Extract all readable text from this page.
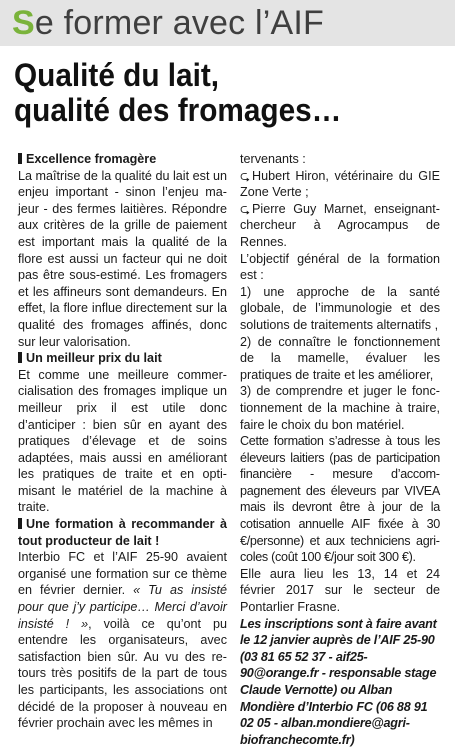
Se former avec l’AIF
Qualité du lait,
qualité des fromages…

Excellence fromagère

La maîtrise de la qualité du lait est un enjeu important - sinon l’enjeu majeur - des fermes laitières. Répondre aux critères de la grille de paiement est important mais la qualité de la flore est aussi un facteur qui ne doit pas être sous-estimé. Les fromagers et les affineurs sont demandeurs. En effet, la flore influe directement sur la qualité des fromages affinés, donc sur leur valorisation.

Un meilleur prix du lait

Et comme une meilleure commercialisation des fromages implique un meilleur prix il est utile donc d’anticiper : bien sûr en ayant des pratiques d’élevage et de soins adaptées, mais aussi en améliorant les pratiques de traite et en optimisant le matériel de la machine à traite.

Une formation à recommander à tout producteur de lait !

Interbio FC et l’AIF 25-90 avaient organisé une formation sur ce thème en février dernier. « Tu as insisté pour que j’y participe… Merci d’avoir insisté ! », voilà ce qu’ont pu entendre les organisateurs, avec satisfaction bien sûr. Au vu des retours très positifs de la part de tous les participants, les associations ont décidé de la proposer à nouveau en février prochain avec les mêmes in

tervenants :

⮎ Hubert Hiron, vétérinaire du GIE Zone Verte ;

⮎ Pierre Guy Marnet, enseignant-chercheur à Agrocampus de Rennes.

L’objectif général de la formation est :

1) une approche de la santé globale, de l’immunologie et des solutions de traitements alternatifs ,

2) de connaître le fonctionnement de la mamelle, évaluer les pratiques de traite et les améliorer,

3) de comprendre et juger le fonctionnement de la machine à traire, faire le choix du bon matériel.

Cette formation s’adresse à tous les éleveurs laitiers (pas de participation financière - mesure d’accompagnement des éleveurs par VIVEA mais ils devront être à jour de la cotisation annuelle AIF fixée à 30 €/personne) et aux techniciens agricoles (coût 100 €/jour soit 300 €).

Elle aura lieu les 13, 14 et 24 février 2017 sur le secteur de Pontarlier Frasne.

Les inscriptions sont à faire avant le 12 janvier auprès de l’AIF 25-90 (03 81 65 52 37 - aif25-90@orange.fr - responsable stage Claude Vernotte) ou Alban Mondière d’Interbio FC (06 88 91 02 05 - alban.mondiere@agribiofranchecomte.fr)
